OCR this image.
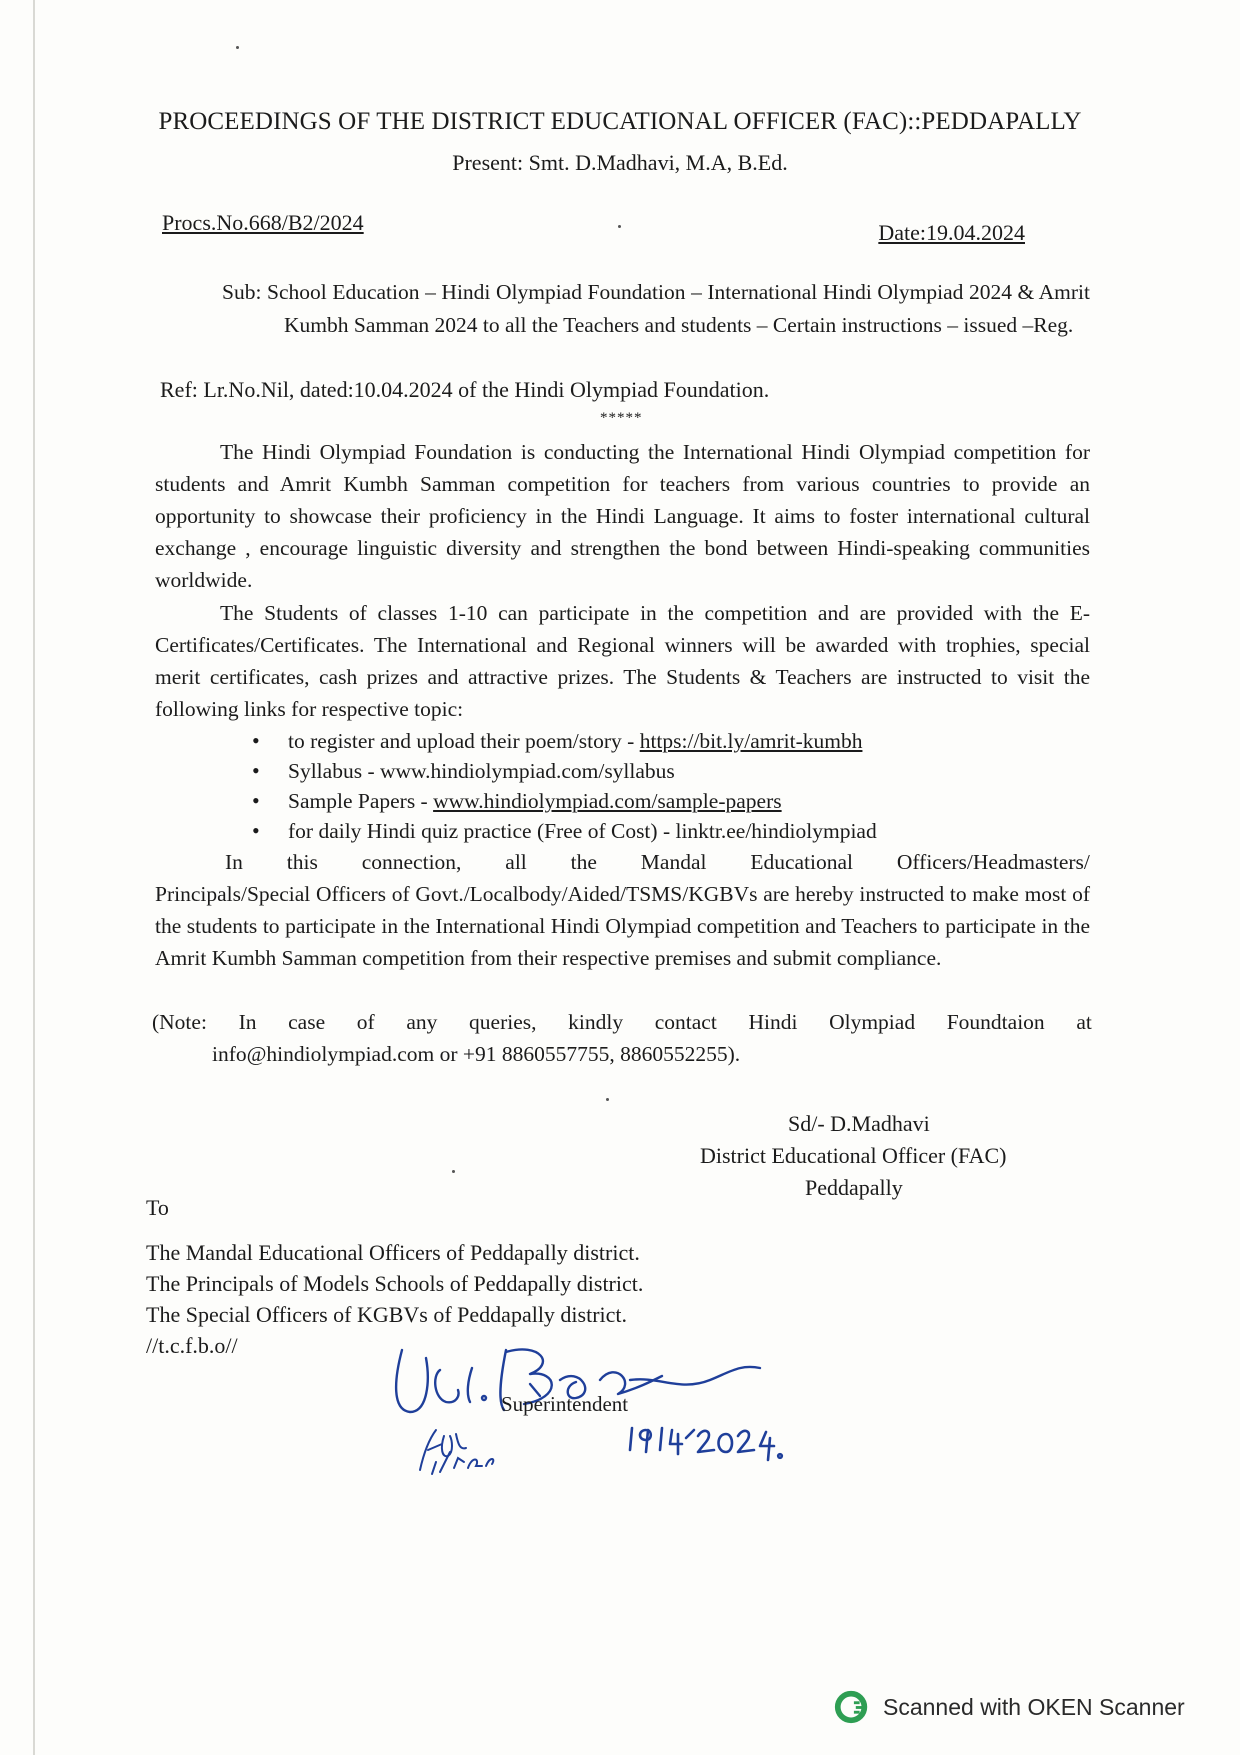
PROCEEDINGS OF THE DISTRICT EDUCATIONAL OFFICER (FAC)::PEDDAPALLY
Present: Smt. D.Madhavi, M.A, B.Ed.
Procs.No.668/B2/2024	Date:19.04.2024
Sub: School Education – Hindi Olympiad Foundation – International Hindi Olympiad 2024 & Amrit Kumbh Samman 2024 to all the Teachers and students – Certain instructions – issued –Reg.
Ref: Lr.No.Nil, dated:10.04.2024 of the Hindi Olympiad Foundation.
*****
The Hindi Olympiad Foundation is conducting the International Hindi Olympiad competition for students and Amrit Kumbh Samman competition for teachers from various countries to provide an opportunity to showcase their proficiency in the Hindi Language. It aims to foster international cultural exchange , encourage linguistic diversity and strengthen the bond between Hindi-speaking communities worldwide.
The Students of classes 1-10 can participate in the competition and are provided with the E-Certificates/Certificates. The International and Regional winners will be awarded with trophies, special merit certificates, cash prizes and attractive prizes. The Students & Teachers are instructed to visit the following links for respective topic:
• to register and upload their poem/story - https://bit.ly/amrit-kumbh
• Syllabus - www.hindiolympiad.com/syllabus
• Sample Papers - www.hindiolympiad.com/sample-papers
• for daily Hindi quiz practice (Free of Cost) - linktr.ee/hindiolympiad
In this connection, all the Mandal Educational Officers/Headmasters/
Principals/Special Officers of Govt./Localbody/Aided/TSMS/KGBVs are hereby instructed to make most of the students to participate in the International Hindi Olympiad competition and Teachers to participate in the Amrit Kumbh Samman competition from their respective premises and submit compliance.
(Note: In case of any queries, kindly contact Hindi Olympiad Foundtaion at
info@hindiolympiad.com or +91 8860557755, 8860552255).
Sd/- D.Madhavi
District Educational Officer (FAC)
Peddapally
To
The Mandal Educational Officers of Peddapally district.
The Principals of Models Schools of Peddapally district.
The Special Officers of KGBVs of Peddapally district.
//t.c.f.b.o//
Superintendent
Scanned with OKEN Scanner
